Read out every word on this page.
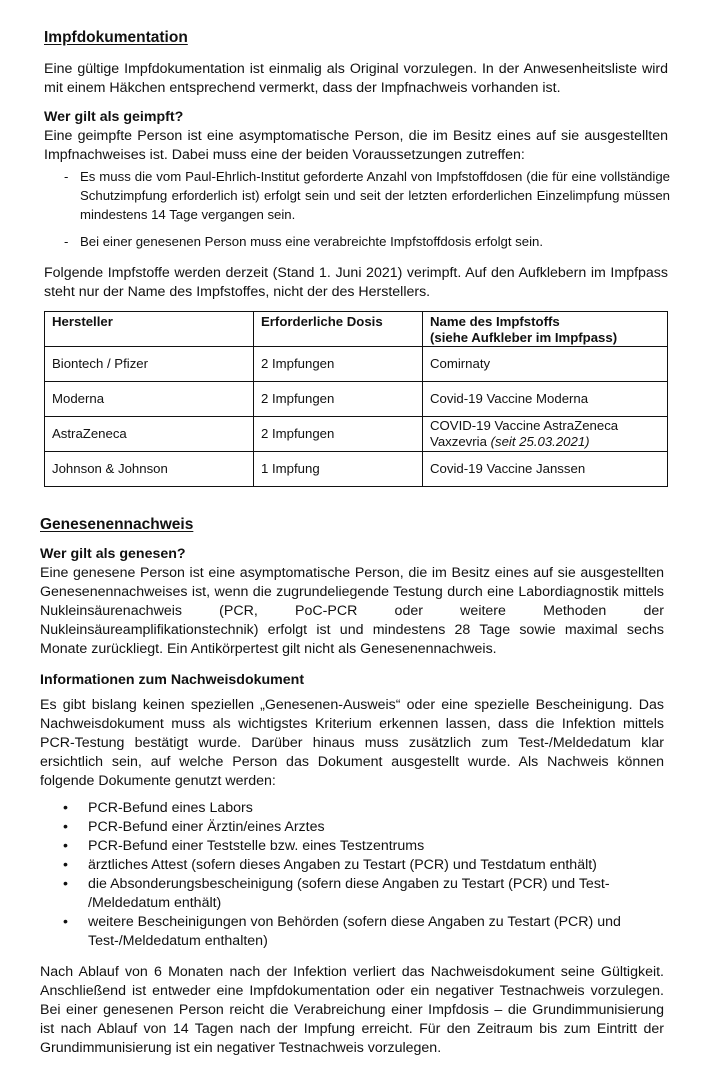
Impfdokumentation
Eine gültige Impfdokumentation ist einmalig als Original vorzulegen. In der Anwesenheitsliste wird mit einem Häkchen entsprechend vermerkt, dass der Impfnachweis vorhanden ist.
Wer gilt als geimpft?
Eine geimpfte Person ist eine asymptomatische Person, die im Besitz eines auf sie ausgestellten Impfnachweises ist. Dabei muss eine der beiden Voraussetzungen zutreffen:
- Es muss die vom Paul-Ehrlich-Institut geforderte Anzahl von Impfstoffdosen (die für eine vollständige Schutzimpfung erforderlich ist) erfolgt sein und seit der letzten erforderlichen Einzelimpfung müssen mindestens 14 Tage vergangen sein.
- Bei einer genesenen Person muss eine verabreichte Impfstoffdosis erfolgt sein.
Folgende Impfstoffe werden derzeit (Stand 1. Juni 2021) verimpft. Auf den Aufklebern im Impfpass steht nur der Name des Impfstoffes, nicht der des Herstellers.
Hersteller	Erforderliche Dosis	Name des Impfstoffs
(siehe Aufkleber im Impfpass)

Biontech / Pfizer	2 Impfungen	Comirnaty
Moderna	2 Impfungen	Covid-19 Vaccine Moderna
AstraZeneca	2 Impfungen	COVID-19 Vaccine AstraZeneca
Vaxzevria (seit 25.03.2021)

Johnson & Johnson	1 Impfung	Covid-19 Vaccine Janssen
Genesenennachweis
Wer gilt als genesen?
Eine genesene Person ist eine asymptomatische Person, die im Besitz eines auf sie ausgestellten Genesenennachweises ist, wenn die zugrundeliegende Testung durch eine Labordiagnostik mittels Nukleinsäurenachweis (PCR, PoC-PCR oder weitere Methoden der Nukleinsäureamplifikationstechnik) erfolgt ist und mindestens 28 Tage sowie maximal sechs Monate zurückliegt. Ein Antikörpertest gilt nicht als Genesenennachweis.
Informationen zum Nachweisdokument
Es gibt bislang keinen speziellen „Genesenen-Ausweis“ oder eine spezielle Bescheinigung. Das Nachweisdokument muss als wichtigstes Kriterium erkennen lassen, dass die Infektion mittels PCR-Testung bestätigt wurde. Darüber hinaus muss zusätzlich zum Test-/Meldedatum klar ersichtlich sein, auf welche Person das Dokument ausgestellt wurde. Als Nachweis können folgende Dokumente genutzt werden:
• PCR-Befund eines Labors
• PCR-Befund einer Ärztin/eines Arztes
• PCR-Befund einer Teststelle bzw. eines Testzentrums
• ärztliches Attest (sofern dieses Angaben zu Testart (PCR) und Testdatum enthält)
• die Absonderungsbescheinigung (sofern diese Angaben zu Testart (PCR) und Test-
/Meldedatum enthält)
• weitere Bescheinigungen von Behörden (sofern diese Angaben zu Testart (PCR) und
Test-/Meldedatum enthalten)
Nach Ablauf von 6 Monaten nach der Infektion verliert das Nachweisdokument seine Gültigkeit. Anschließend ist entweder eine Impfdokumentation oder ein negativer Testnachweis vorzulegen. Bei einer genesenen Person reicht die Verabreichung einer Impfdosis – die Grundimmunisierung ist nach Ablauf von 14 Tagen nach der Impfung erreicht. Für den Zeitraum bis zum Eintritt der Grundimmunisierung ist ein negativer Testnachweis vorzulegen.
